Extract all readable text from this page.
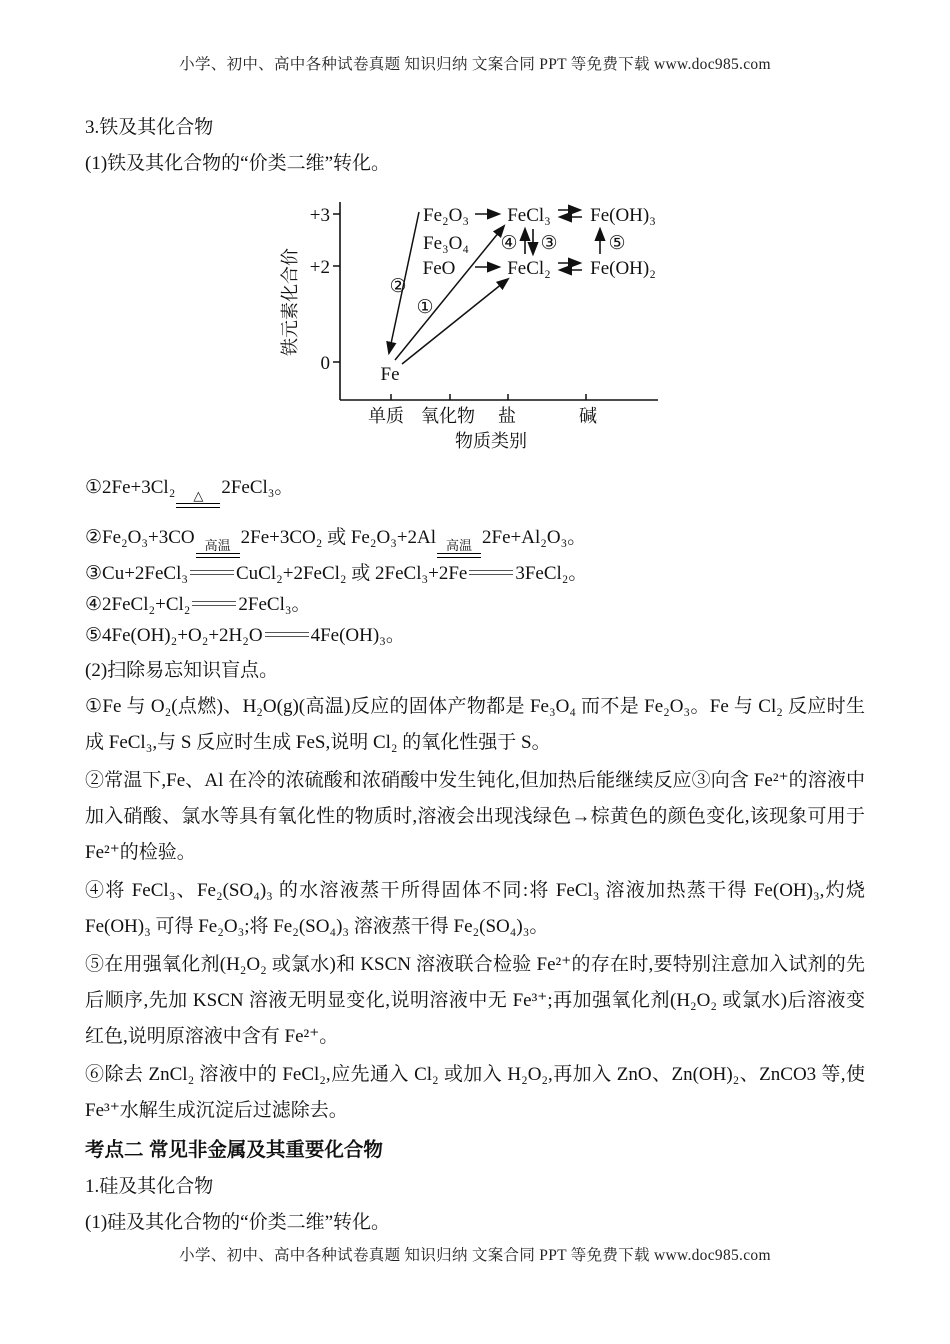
小学、初中、高中各种试卷真题 知识归纳 文案合同 PPT 等免费下载 www.doc985.com
3.铁及其化合物
(1)铁及其化合物的“价类二维”转化。
铁元素化合价
+3
+2
0
Fe₂O₃ FeCl₃ Fe(OH)₃
Fe₃O₄
FeO	FeCl₂ Fe(OH)₂
④ ③	⑤
②
①
Fe
单质 氧化物 盐	碱
物质类别
①2Fe+3Cl₂ △ 2FeCl₃。
②Fe₂O₃+3CO 高温 2Fe+3CO₂ 或 Fe₂O₃+2Al 高温 2Fe+Al₂O₃。
③Cu+2FeCl₃	CuCl₂+2FeCl₂ 或 2FeCl₃+2Fe	3FeCl₂。
④2FeCl₂+Cl₂	2FeCl₃。
⑤4Fe(OH)₂+O₂+2H₂O	4Fe(OH)₃。

(2)扫除易忘知识盲点。

①Fe 与 O₂(点燃)、H₂O(g)(高温)反应的固体产物都是 Fe₃O₄ 而不是 Fe₂O₃。Fe 与 Cl₂ 反应时生成 FeCl₃,与 S 反应时生成 FeS,说明 Cl₂ 的氧化性强于 S。

②常温下,Fe、Al 在冷的浓硫酸和浓硝酸中发生钝化,但加热后能继续反应③向含 Fe²⁺的溶液中加入硝酸、氯水等具有氧化性的物质时,溶液会出现浅绿色→棕黄色的颜色变化,该现象可用于 Fe²⁺的检验。

④将 FeCl₃、Fe₂(SO₄)₃ 的水溶液蒸干所得固体不同:将 FeCl₃ 溶液加热蒸干得 Fe(OH)₃,灼烧 Fe(OH)₃ 可得 Fe₂O₃;将 Fe₂(SO₄)₃ 溶液蒸干得 Fe₂(SO₄)₃。

⑤在用强氧化剂(H₂O₂ 或氯水)和 KSCN 溶液联合检验 Fe²⁺的存在时,要特别注意加入试剂的先后顺序,先加 KSCN 溶液无明显变化,说明溶液中无 Fe³⁺;再加强氧化剂(H₂O₂ 或氯水)后溶液变红色,说明原溶液中含有 Fe²⁺。

⑥除去 ZnCl₂ 溶液中的 FeCl₂,应先通入 Cl₂ 或加入 H₂O₂,再加入 ZnO、Zn(OH)₂、ZnCO3 等,使 Fe³⁺水解生成沉淀后过滤除去。

考点二 常见非金属及其重要化合物
1.硅及其化合物
(1)硅及其化合物的“价类二维”转化。
小学、初中、高中各种试卷真题 知识归纳 文案合同 PPT 等免费下载 www.doc985.com
